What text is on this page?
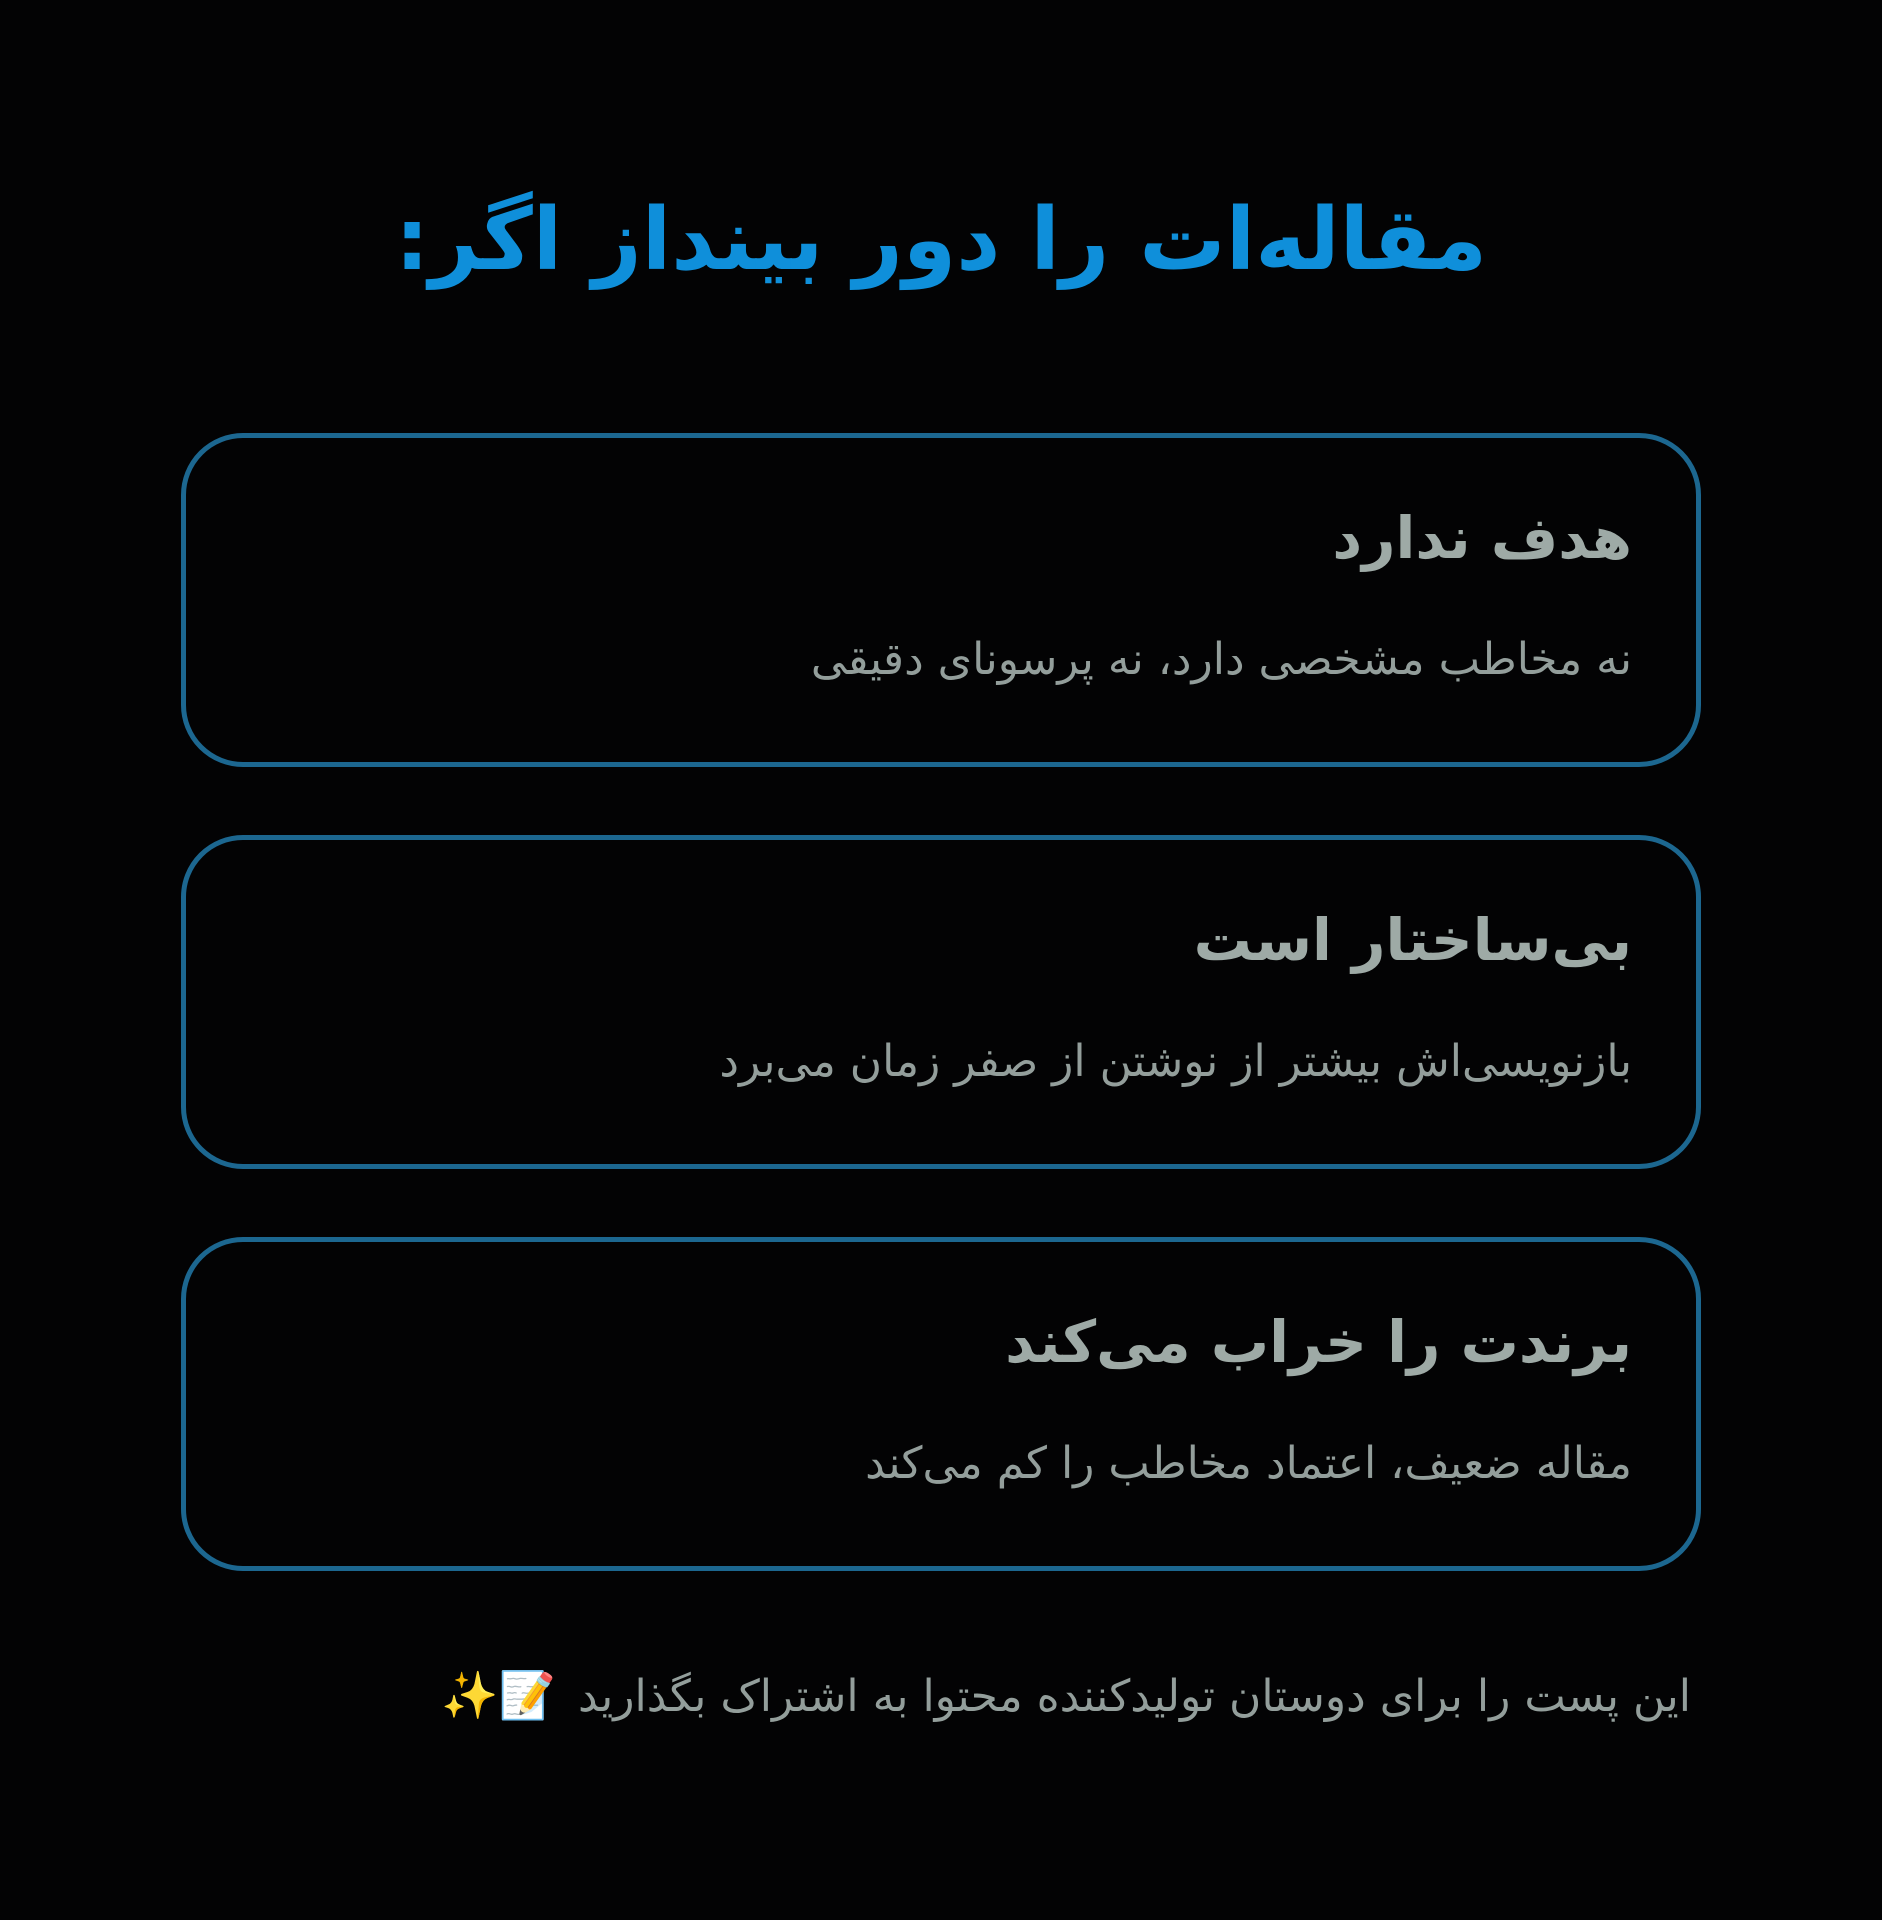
مقاله‌ات را دور بینداز اگر:
هدف ندارد
نه مخاطب مشخصی دارد، نه پرسونای دقیقی
بی‌ساختار است
بازنویسی‌اش بیشتر از نوشتن از صفر زمان می‌برد
برندت را خراب می‌کند
مقاله ضعیف، اعتماد مخاطب را کم می‌کند
این پست را برای دوستان تولیدکننده محتوا به اشتراک بگذارید📝✨
